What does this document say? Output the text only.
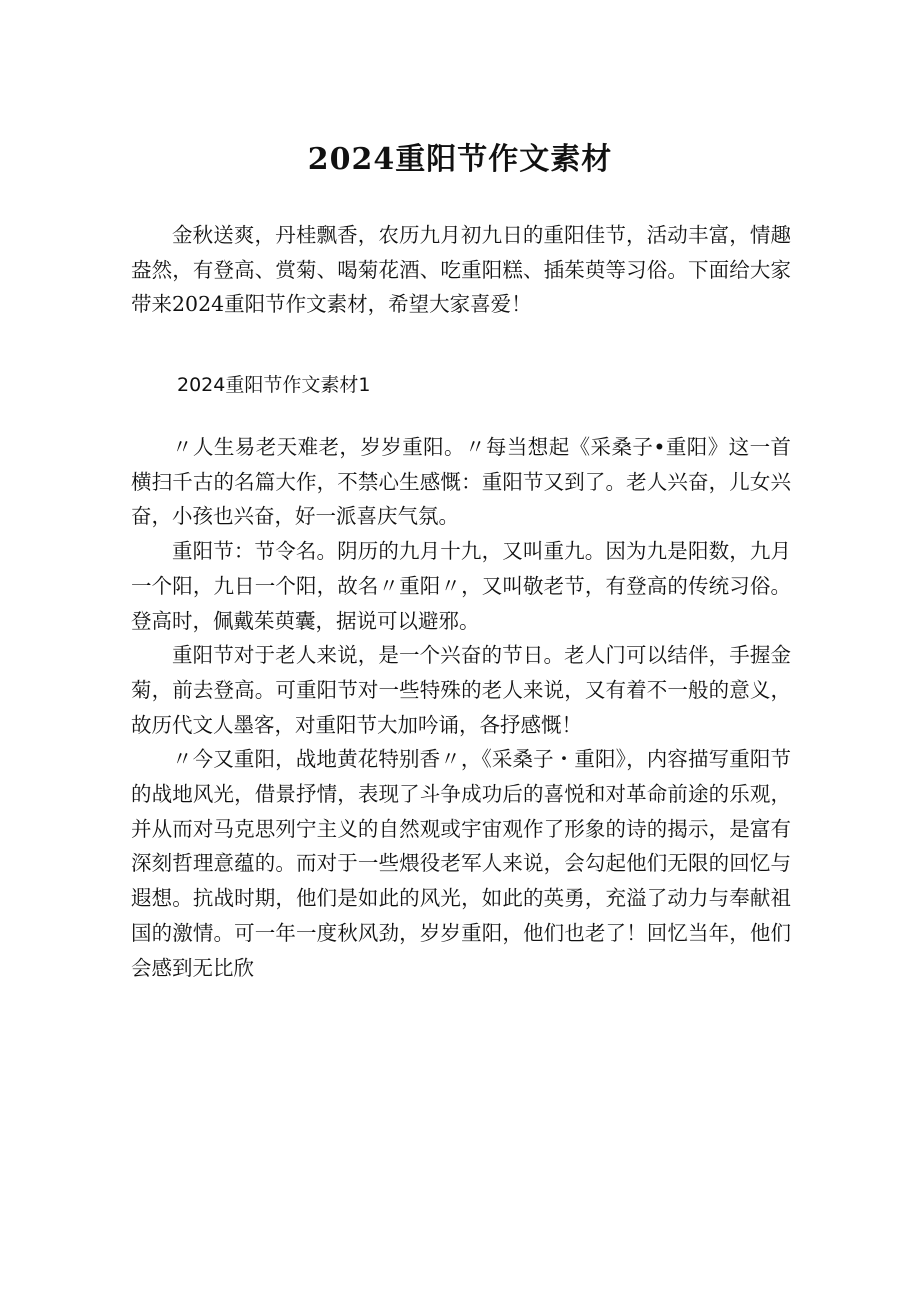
2024重阳节作文素材

金秋送爽，丹桂飘香，农历九月初九日的重阳佳节，活动丰富，情趣盎然，有登高、赏菊、喝菊花酒、吃重阳糕、插茱萸等习俗。下面给大家带来2024重阳节作文素材，希望大家喜爱！

2024重阳节作文素材1

〃人生易老天难老，岁岁重阳。〃每当想起《采桑子•重阳》这一首横扫千古的名篇大作，不禁心生感慨：重阳节又到了。老人兴奋，儿女兴奋，小孩也兴奋，好一派喜庆气氛。

重阳节：节令名。阴历的九月十九，又叫重九。因为九是阳数，九月一个阳，九日一个阳，故名〃重阳〃，又叫敬老节，有登高的传统习俗。登高时，佩戴茱萸囊，据说可以避邪。

重阳节对于老人来说，是一个兴奋的节日。老人门可以结伴，手握金菊，前去登高。可重阳节对一些特殊的老人来说，又有着不一般的意义，故历代文人墨客，对重阳节大加吟诵，各抒感慨！

〃今又重阳，战地黄花特别香〃，《采桑子・重阳》，内容描写重阳节的战地风光，借景抒情，表现了斗争成功后的喜悦和对革命前途的乐观，并从而对马克思列宁主义的自然观或宇宙观作了形象的诗的揭示，是富有深刻哲理意蕴的。而对于一些煨役老军人来说，会勾起他们无限的回忆与遐想。抗战时期，他们是如此的风光，如此的英勇，充溢了动力与奉献祖国的激情。可一年一度秋风劲，岁岁重阳，他们也老了！回忆当年，他们会感到无比欣
